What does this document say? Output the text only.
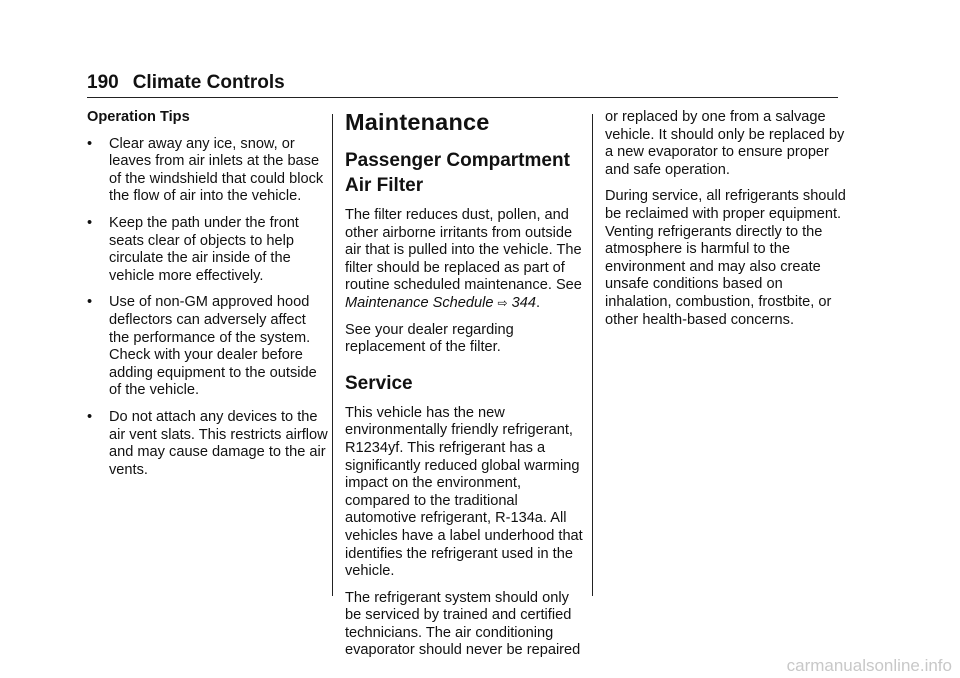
190 Climate Controls
Operation Tips
• Clear away any ice, snow, or leaves from air inlets at the base of the windshield that could block the flow of air into the vehicle.
• Keep the path under the front seats clear of objects to help circulate the air inside of the vehicle more effectively.
• Use of non-GM approved hood deflectors can adversely affect the performance of the system. Check with your dealer before adding equipment to the outside of the vehicle.
• Do not attach any devices to the air vent slats. This restricts airflow and may cause damage to the air vents.
Maintenance
Passenger Compartment Air Filter

The filter reduces dust, pollen, and other airborne irritants from outside air that is pulled into the vehicle. The filter should be replaced as part of routine scheduled maintenance. See Maintenance Schedule ⇨ 344.

See your dealer regarding replacement of the filter.

Service

This vehicle has the new environmentally friendly refrigerant, R1234yf. This refrigerant has a significantly reduced global warming impact on the environment, compared to the traditional automotive refrigerant, R-134a. All vehicles have a label underhood that identifies the refrigerant used in the vehicle.

The refrigerant system should only be serviced by trained and certified technicians. The air conditioning evaporator should never be repaired

or replaced by one from a salvage vehicle. It should only be replaced by a new evaporator to ensure proper and safe operation.

During service, all refrigerants should be reclaimed with proper equipment. Venting refrigerants directly to the atmosphere is harmful to the environment and may also create unsafe conditions based on inhalation, combustion, frostbite, or other health-based concerns.

carmanualsonline.info
